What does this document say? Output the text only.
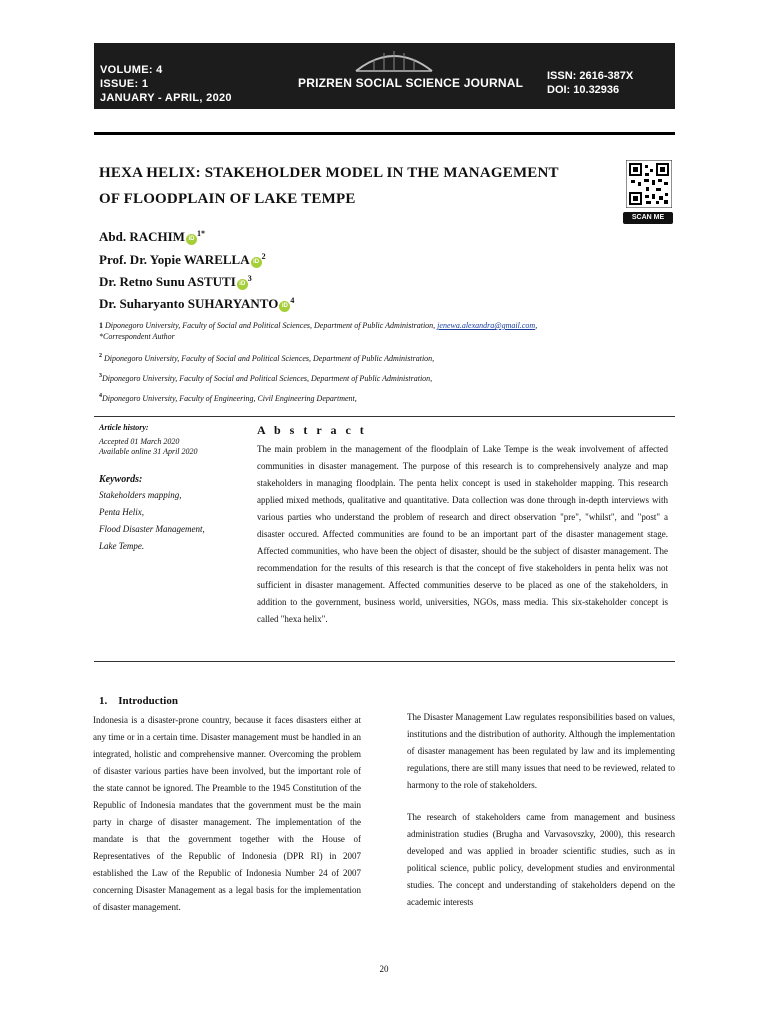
VOLUME: 4
ISSUE: 1
JANUARY - APRIL, 2020
PRIZREN SOCIAL SCIENCE JOURNAL ISSN: 2616-387X
DOI: 10.32936
HEXA HELIX: STAKEHOLDER MODEL IN THE MANAGEMENT
OF FLOODPLAIN OF LAKE TEMPE
SCAN ME
Abd. RACHIM $iD^{1*}$
Prof. Dr. Yopie WARELLA $iD^2$
Dr. Retno Sunu ASTUTI $iD^3$
Dr. Suharyanto SUHARYANTO $iD^4$
1 Diponegoro University, Faculty of Social and Political Sciences, Department of Public Administration, jenewa.alexandra@gmail.com,
*Correspondent Author
$^2$ Diponegoro University, Faculty of Social and Political Sciences, Department of Public Administration,
$^3$Diponegoro University, Faculty of Social and Political Sciences, Department of Public Administration,
$^4$Diponegoro University, Faculty of Engineering, Civil Engineering Department,
Article history:
Accepted 01 March 2020
Available online 31 April 2020
Keywords:
Stakeholders mapping,
Penta Helix,
Flood Disaster Management,
Lake Tempe.
A b s t r a c t
The main problem in the management of the floodplain of Lake Tempe is the weak involvement of affected communities in disaster management. The purpose of this research is to comprehensively analyze and map stakeholders in managing floodplain. The penta helix concept is used in stakeholder mapping. This research applied mixed methods, qualitative and quantitative. Data collection was done through in-depth interviews with various parties who understand the problem of research and direct observation "pre", "whilst", and "post" a disaster occured. Affected communities are found to be an important part of the disaster management stage. Affected communities, who have been the object of disaster, should be the subject of disaster management. The recommendation for the results of this research is that the concept of five stakeholders in penta helix was not sufficient in disaster management. Affected communities deserve to be placed as one of the stakeholders, in addition to the government, business world, universities, NGOs, mass media. This six-stakeholder concept is called "hexa helix".
1.    Introduction

Indonesia is a disaster-prone country, because it faces disasters either at any time or in a certain time. Disaster management must be handled in an integrated, holistic and comprehensive manner. Overcoming the problem of disaster various parties have been involved, but the important role of the state cannot be ignored. The Preamble to the 1945 Constitution of the Republic of Indonesia mandates that the government must be the main party in charge of disaster management. The implementation of the mandate is that the government together with the House of Representatives of the Republic of Indonesia (DPR RI) in 2007 established the Law of the Republic of Indonesia Number 24 of 2007 concerning Disaster Management as a legal basis for the implementation of disaster management.

The Disaster Management Law regulates responsibilities based on values, institutions and the distribution of authority. Although the implementation of disaster management has been regulated by law and its implementing regulations, there are still many issues that need to be reviewed, related to harmony to the role of stakeholders.

The research of stakeholders came from management and business administration studies (Brugha and Varvasovszky, 2000), this research developed and was applied in broader scientific studies, such as in political science, public policy, development studies and environmental studies. The concept and understanding of stakeholders depend on the academic interests

20
